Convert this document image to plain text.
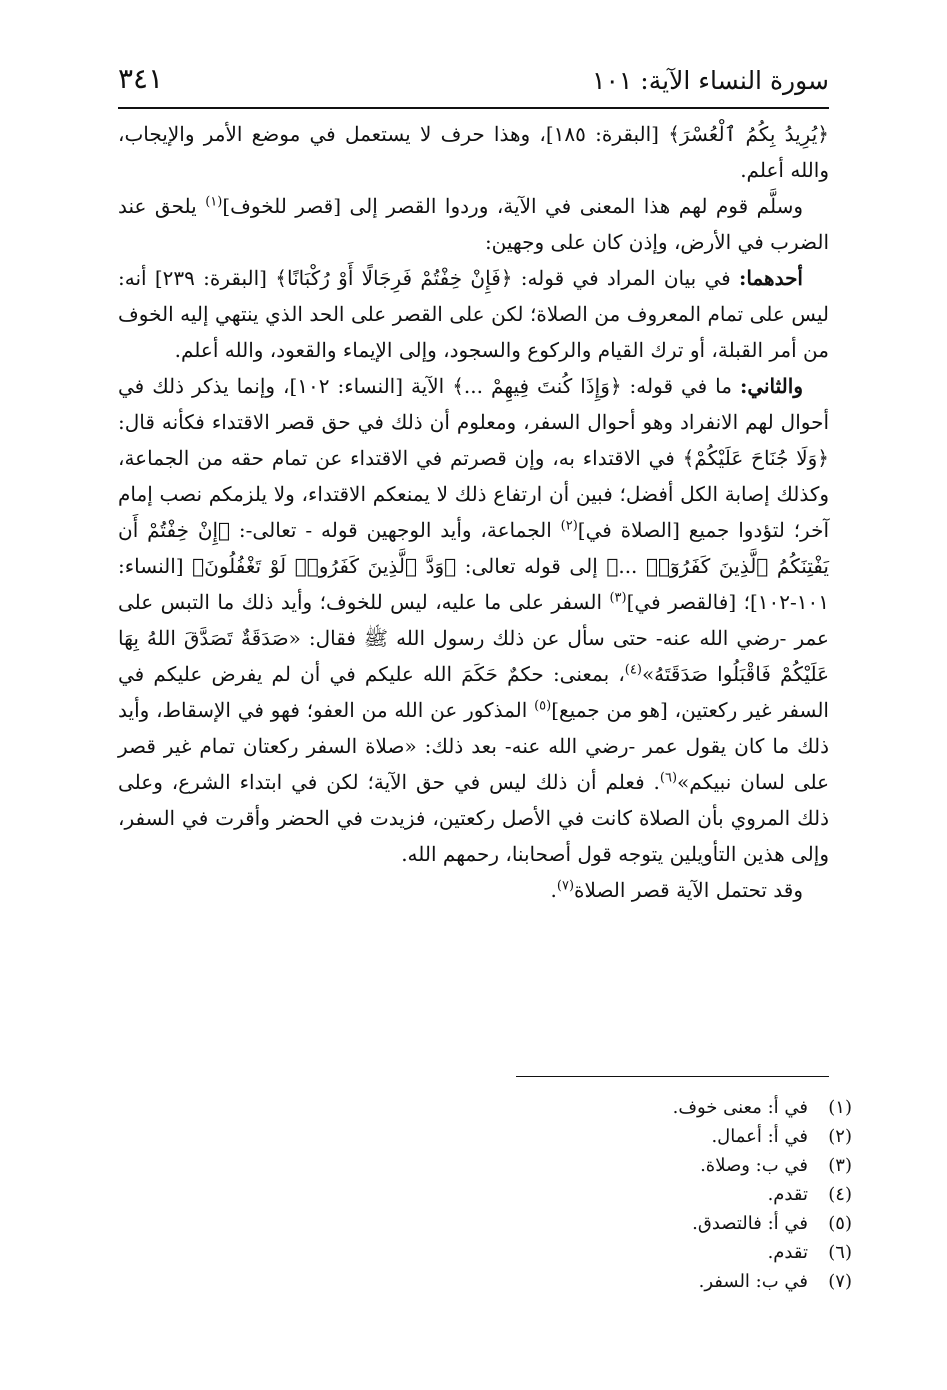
سورة النساء الآية: ١٠١
٣٤١

﴿يُرِيدُ بِكُمُ ٱلْعُسْرَ﴾ [البقرة: ١٨٥]، وهذا حرف لا يستعمل في موضع الأمر والإيجاب، والله أعلم.

وسلَّم قوم لهم هذا المعنى في الآية، وردوا القصر إلى [قصر للخوف]$^{(١)}$ يلحق عند الضرب في الأرض، وإذن كان على وجهين:

أحدهما: في بيان المراد في قوله: ﴿فَإِنْ خِفْتُمْ فَرِجَالًا أَوْ رُكْبَانًا﴾ [البقرة: ٢٣٩] أنه: ليس على تمام المعروف من الصلاة؛ لكن على القصر على الحد الذي ينتهي إليه الخوف من أمر القبلة، أو ترك القيام والركوع والسجود، وإلى الإيماء والقعود، والله أعلم.

والثاني: ما في قوله: ﴿وَإِذَا كُنتَ فِيهِمْ ...﴾ الآية [النساء: ١٠٢]، وإنما يذكر ذلك في أحوال لهم الانفراد وهو أحوال السفر، ومعلوم أن ذلك في حق قصر الاقتداء فكأنه قال: ﴿وَلَا جُنَاحَ عَلَيْكُمْ﴾ في الاقتداء به، وإن قصرتم في الاقتداء عن تمام حقه من الجماعة، وكذلك إصابة الكل أفضل؛ فبين أن ارتفاع ذلك لا يمنعكم الاقتداء، ولا يلزمكم نصب إمام آخر؛ لتؤدوا جميع [الصلاة في]$^{(٢)}$ الجماعة، وأيد الوجهين قوله - تعالى-: ﴿إِنْ خِفْتُمْ أَن يَفْتِنَكُمُ ٱلَّذِينَ كَفَرُوٓا۟ ...﴾ إلى قوله تعالى: ﴿وَدَّ ٱلَّذِينَ كَفَرُوا۟ لَوْ تَغْفُلُونَ﴾ [النساء: ١٠١-١٠٢]؛ [فالقصر في]$^{(٣)}$ السفر على ما عليه، ليس للخوف؛ وأيد ذلك ما التبس على عمر -رضي الله عنه- حتى سأل عن ذلك رسول الله ﷺ فقال: «صَدَقَةٌ تَصَدَّقَ اللهُ بِهَا عَلَيْكُمْ فَاقْبَلُوا صَدَقَتَهُ»$^{(٤)}$، بمعنى: حكمٌ حَكَمَ الله عليكم في أن لم يفرض عليكم في السفر غير ركعتين، [هو من جميع]$^{(٥)}$ المذكور عن الله من العفو؛ فهو في الإسقاط، وأيد ذلك ما كان يقول عمر -رضي الله عنه- بعد ذلك: «صلاة السفر ركعتان تمام غير قصر على لسان نبيكم»$^{(٦)}$. فعلم أن ذلك ليس في حق الآية؛ لكن في ابتداء الشرع، وعلى ذلك المروي بأن الصلاة كانت في الأصل ركعتين، فزيدت في الحضر وأقرت في السفر، وإلى هذين التأويلين يتوجه قول أصحابنا، رحمهم الله.

وقد تحتمل الآية قصر الصلاة$^{(٧)}$.

(١)
في أ: معنى خوف.
(٢)
في أ: أعمال.
(٣)
في ب: وصلاة.
(٤)
تقدم.
(٥)
في أ: فالتصدق.
(٦)
تقدم.
(٧)
في ب: السفر.
